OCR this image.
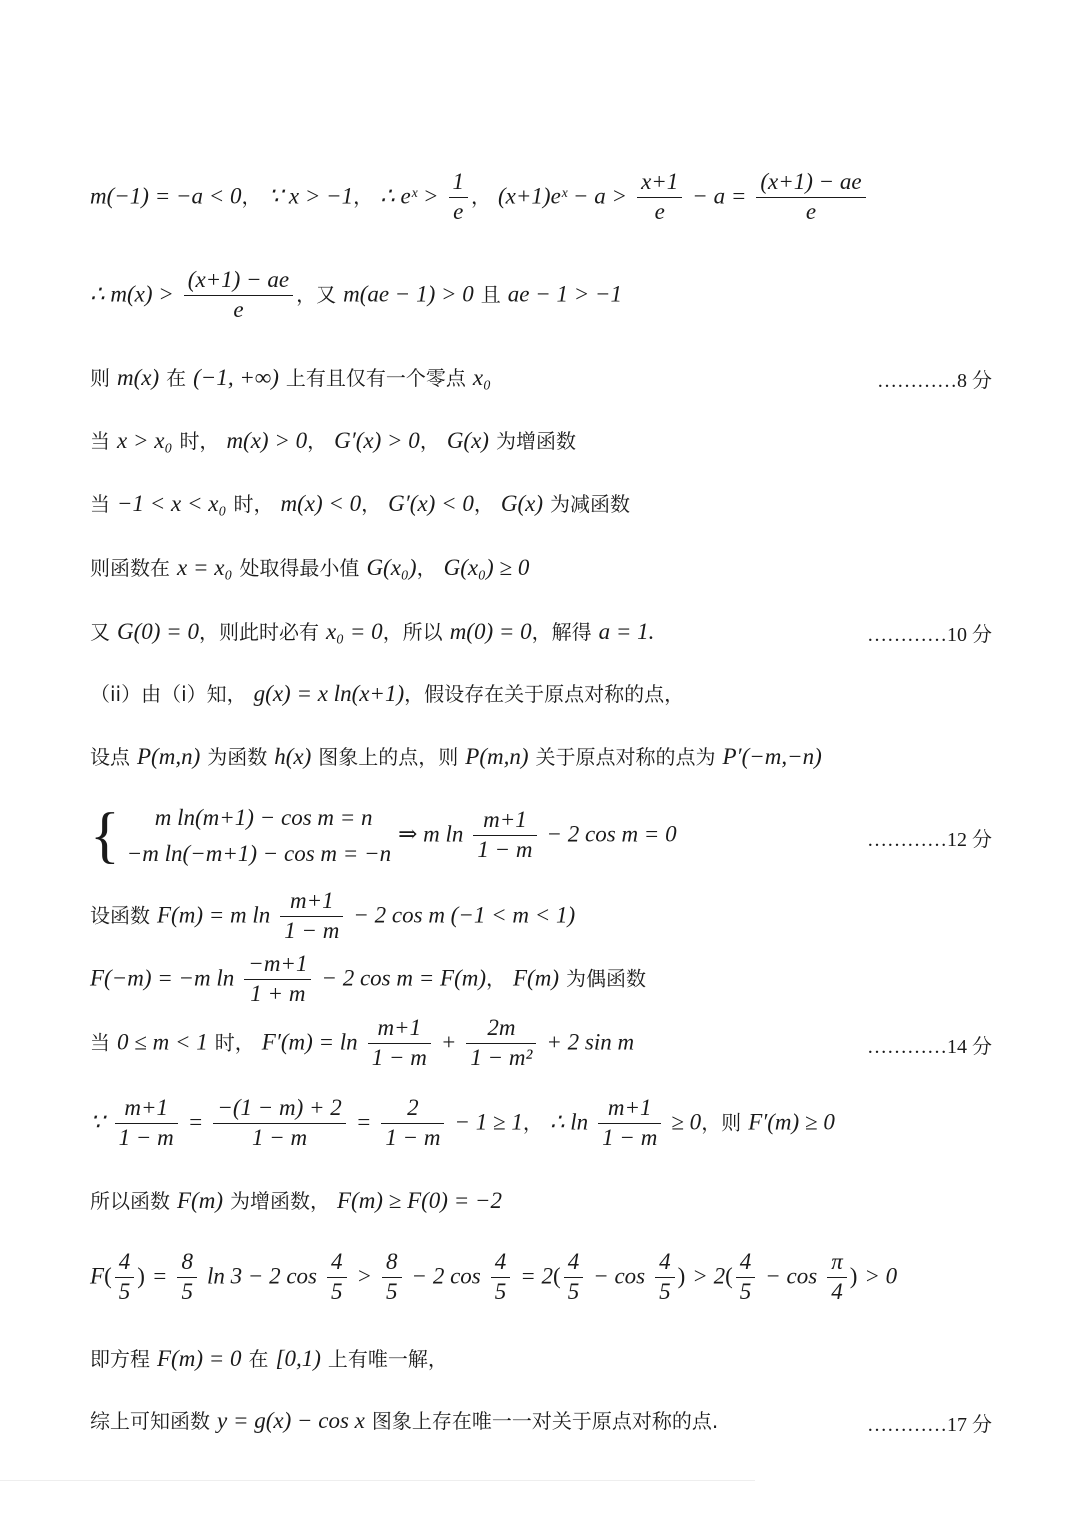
m(−1) = −a < 0， ∵ x > −1， ∴ eˣ > $\frac{1}{e}$ ， (x+1)eˣ − $a > \frac{x+1}{e} - a = \frac{(x+1) - ae}{e}$
∴ $m(x) > \frac{(x+1) - ae}{e}$ ，又 m(ae − 1) > 0 且 ae − 1 > −1
则 m(x) 在 (−1, +∞) 上有且仅有一个零点 x₀	…………8 分
当 x > x₀ 时， m(x) > 0， G′(x) > 0， G(x) 为增函数
当 −1 < x < x₀ 时， m(x) < 0， G′(x) < 0， G(x) 为减函数
则函数在 x = x₀ 处取得最小值 G(x₀)， G(x₀) ≥ 0
又 G(0) = 0，则此时必有 x₀ = 0，所以 m(0) = 0，解得 a = 1.	…………10 分
（ii）由（i）知， g(x) = x ln(x+1)，假设存在关于原点对称的点，
设点 P(m,n) 为函数 h(x) 图象上的点，则 P(m,n) 关于原点对称的点为 P′(−m,−n)
{	m ln(m+1) − cos m = n
−m ln(−m+1) − cos m = −n
⇒ m $\ln \frac{m+1}{1 - m} - 2$ cos m = 0	…………12 分
设函数 F(m) = m $\ln \frac{m+1}{1 - m} - 2$ cos m (−1 < m < 1)
F(−m) = −m $\ln \frac{-m+1}{1 + m} - 2$ cos m = F(m)， F(m) 为偶函数
当 0 ≤ m < 1 时， $F'(m) = \ln \frac{m+1}{1 - m} + \frac{2m}{\text{1 − m²}} + 2$ sin m	…………14 分
∵ $\frac{m+1}{1 - m} = \frac{-(1 - m) + 2}{1 - m} = \frac{2}{1 - m} - 1 \ge 1$， ∴ $\ln \frac{m+1}{1 - m} \ge 0$，则 F′(m) ≥ 0
所以函数 F(m) 为增函数， F(m) ≥ F(0) = −2
$F( \frac{4}{5}$ ) = $\frac{8}{5}$ ln 3 − 2 $\cos \frac{4}{5} > \frac{8}{5} - 2$ $\cos \frac{4}{5} = 2( \frac{4}{5} - \cos \frac{4}{5}$ ) > $2( \frac{4}{5} - \cos \frac{\pi}{4}$ ) > 0
即方程 F(m) = 0 在 [0,1) 上有唯一解，
综上可知函数 y = g(x) − cos x 图象上存在唯一一对关于原点对称的点.	…………17 分
